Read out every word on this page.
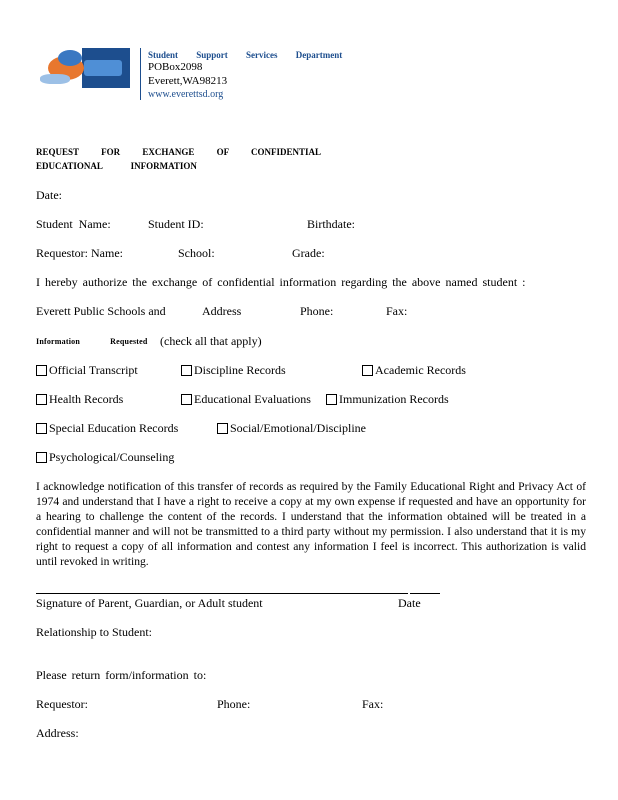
Student Support Services Department
POBox2098
Everett,WA98213
www.everettsd.org
REQUEST FOR EXCHANGE OF CONFIDENTIAL
EDUCATIONAL INFORMATION
Date:
Student Name:	Student ID:	Birthdate:
Requestor: Name:	School:	Grade:
I hereby authorize the exchange of confidential information regarding the above named student :
Everett Public Schools and	Address	Phone:	Fax:
Information Requested (check all that apply)
Official Transcript	Discipline Records	Academic Records
Health Records	Educational Evaluations Immunization Records
Special Education Records	Social/Emotional/Discipline
Psychological/Counseling
I acknowledge notification of this transfer of records as required by the Family Educational Right and Privacy Act of 1974 and understand that I have a right to receive a copy at my own expense if requested and have an opportunity for a hearing to challenge the content of the records. I understand that the information obtained will be treated in a confidential manner and will not be transmitted to a third party without my permission. I also understand that it is my right to request a copy of all information and contest any information I feel is incorrect. This authorization is valid until revoked in writing.
Signature of Parent, Guardian, or Adult student	Date
Relationship to Student:
Please return form/information to:
Requestor:	Phone:	Fax:
Address:
